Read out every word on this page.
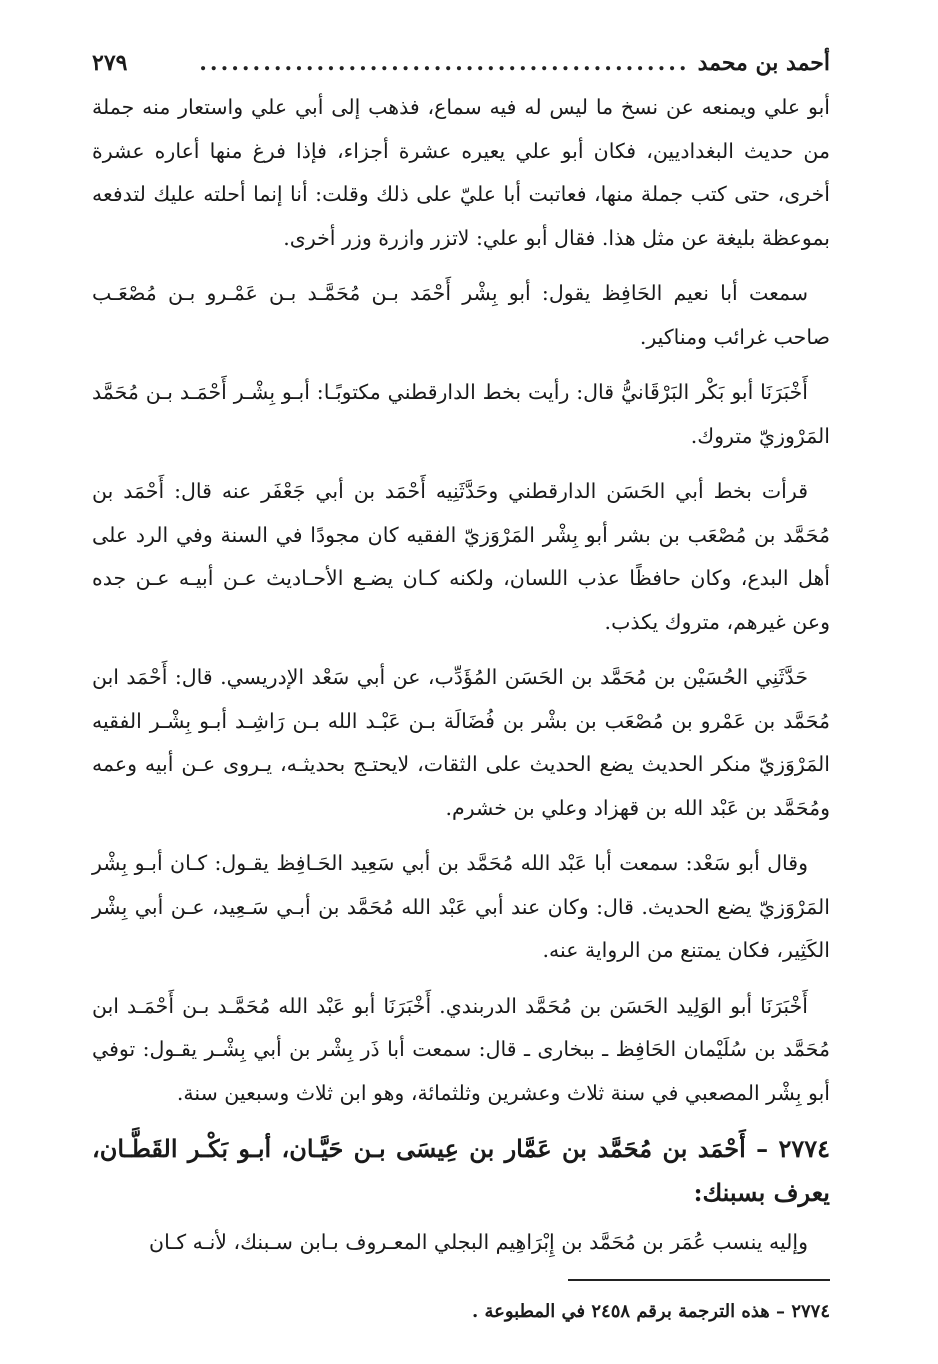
أحمد بن محمد
..............................................
٢٧٩

أبو علي ويمنعه عن نسخ ما ليس له فيه سماع، فذهب إلى أبي علي واستعار منه جملة من حديث البغداديين، فكان أبو علي يعيره عشرة أجزاء، فإذا فرغ منها أعاره عشرة أخرى، حتى كتب جملة منها، فعاتبت أبا عليّ على ذلك وقلت: أنا إنما أحلته عليك لتدفعه بموعظة بليغة عن مثل هذا. فقال أبو علي: لاتزر وازرة وزر أخرى.

سمعت أبا نعيم الحَافِظ يقول: أبو بِشْر أَحْمَد بـن مُحَمَّـد بـن عَمْـرو بـن مُصْعَـب صاحب غرائب ومناكير.

أَخْبَرَنَا أبو بَكْر البَرْقَانيُّ قال: رأيت بخط الدارقطني مكتوبًـا: أبـو بِشْـر أَحْمَـد بـن مُحَمَّد المَرْوزيّ متروك.

قرأت بخط أبي الحَسَن الدارقطني وحَدَّثَنِيه أَحْمَد بن أبي جَعْفَر عنه قال: أَحْمَد بن مُحَمَّد بن مُصْعَب بن بشر أبو بِشْر المَرْوَزيّ الفقيه كان مجودًا في السنة وفي الرد على أهل البدع، وكان حافظًا عذب اللسان، ولكنه كـان يضـع الأحـاديث عـن أبيـه عـن جده وعن غيرهم، متروك يكذب.

حَدَّثَنِي الحُسَيْن بن مُحَمَّد بن الحَسَن المُؤَدِّب، عن أبي سَعْد الإدريسي. قال: أَحْمَد ابن مُحَمَّد بن عَمْرو بن مُصْعَب بن بشْر بن فُضَالَة بـن عَبْـد الله بـن رَاشِـد أبـو بِشْـر الفقيه المَرْوَزيّ منكر الحديث يضع الحديث على الثقات، لايحتـج بحديثـه، يـروى عـن أبيه وعمه ومُحَمَّد بن عَبْد الله بن قهزاد وعلي بن خشرم.

وقال أبو سَعْد: سمعت أبا عَبْد الله مُحَمَّد بن أبي سَعِيد الحَـافِظ يقـول: كـان أبـو بِشْر المَرْوَزيّ يضع الحديث. قال: وكان عند أبي عَبْد الله مُحَمَّد بن أبـي سَـعِيد، عـن أبي بِشْر الكَثِير، فكان يمتنع من الرواية عنه.

أَخْبَرَنَا أبو الوَلِيد الحَسَن بن مُحَمَّد الدربندي. أَخْبَرَنَا أبو عَبْد الله مُحَمَّـد بـن أَحْمَـد ابن مُحَمَّد بن سُلَيْمان الحَافِظ ـ ببخارى ـ قال: سمعت أبا ذَر بِشْر بن أبي بِشْـر يقـول: توفي أبو بِشْر المصعبي في سنة ثلاث وعشرين وثلثمائة، وهو ابن ثلاث وسبعين سنة.

٢٧٧٤ – أَحْمَد بن مُحَمَّد بن عَمَّار بن عِيسَى بـن حَيَّـان، أبـو بَكْـر القَطَّـان، يعرف بسبنك:

وإليه ينسب عُمَر بن مُحَمَّد بن إِبْرَاهِيم البجلي المعـروف بـابن سـبنك، لأنـه كـان

٢٧٧٤ – هذه الترجمة برقم ٢٤٥٨ في المطبوعة .
